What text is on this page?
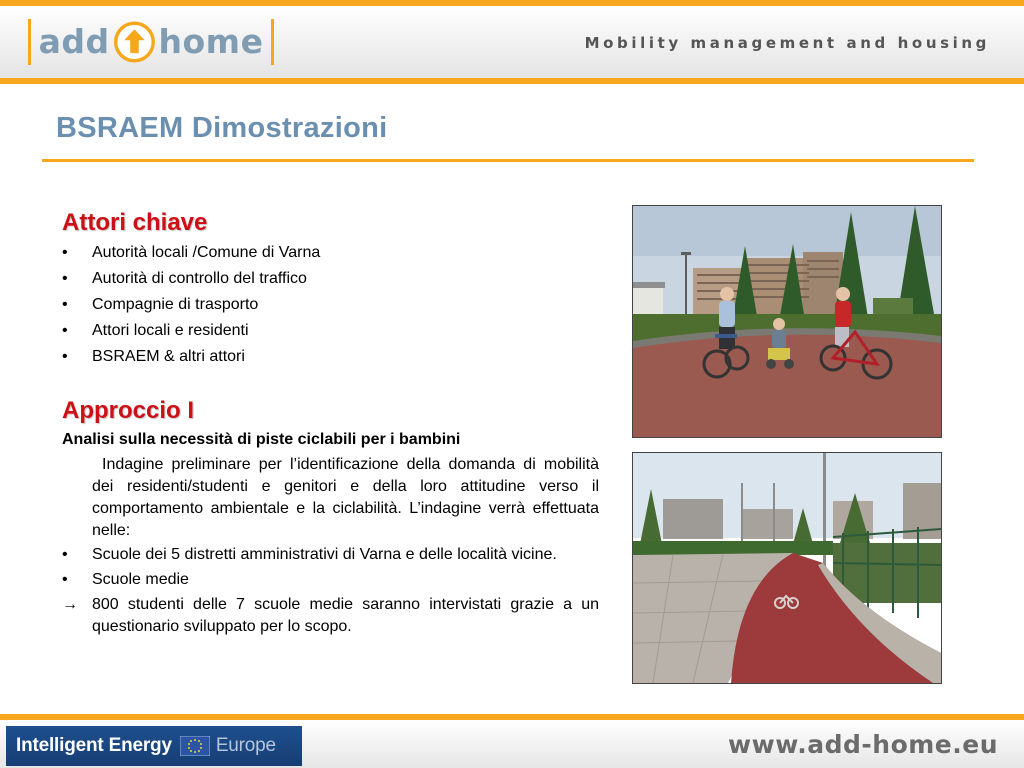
add home	Mobility management and housing
BSRAEM Dimostrazioni
Attori chiave
•	Autorità locali /Comune di Varna
•	Autorità di controllo del traffico
•	Compagnie di trasporto
•	Attori locali e residenti
•	BSRAEM & altri attori
Approccio I

Analisi sulla necessità di piste ciclabili per i bambini

Indagine preliminare per l’identificazione della domanda di mobilità dei residenti/studenti e genitori e della loro attitudine verso il comportamento ambientale e la ciclabilità. L’indagine verrà effettuata nelle:

•	Scuole dei 5 distretti amministrativi di Varna e delle località vicine.
•	Scuole medie
→ 800 studenti delle 7 scuole medie saranno intervistati grazie a un questionario sviluppato per lo scopo.
Intelligent Energy Europe	www.add-home.eu
